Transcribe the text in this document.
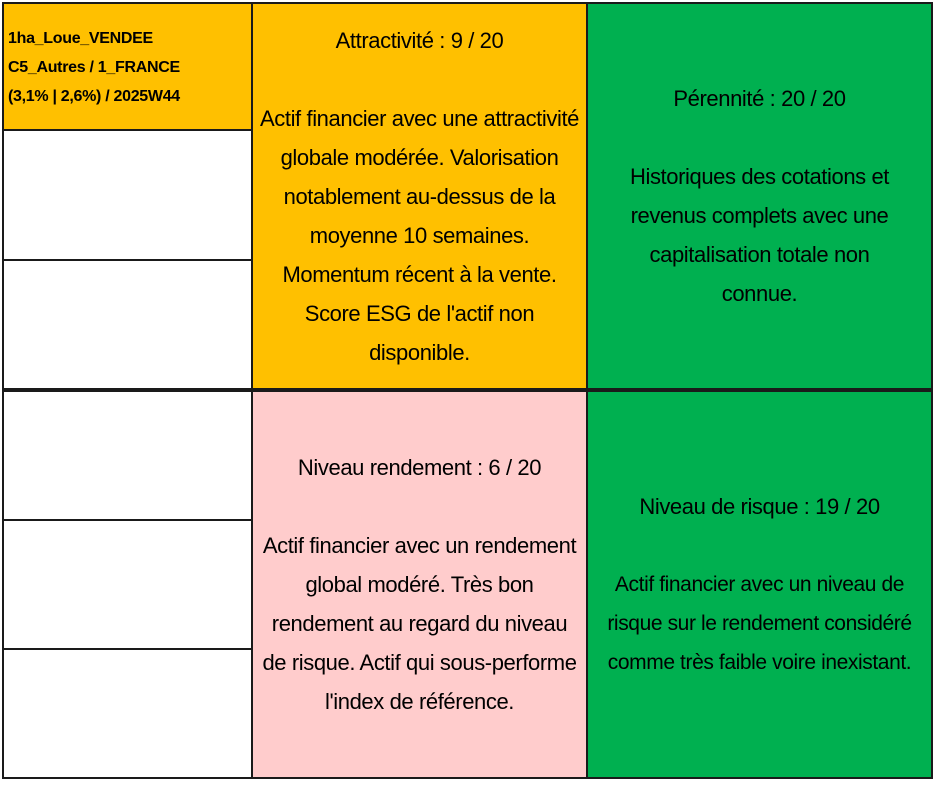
1ha_Loue_VENDEE
C5_Autres / 1_FRANCE
(3,1% | 2,6%) / 2025W44
Attractivité : 9 / 20
Actif financier avec une attractivité globale modérée. Valorisation notablement au-dessus de la moyenne 10 semaines. Momentum récent à la vente. Score ESG de l'actif non disponible.
Pérennité : 20 / 20
Historiques des cotations et revenus complets avec une capitalisation totale non connue.
Niveau rendement : 6 / 20
Actif financier avec un rendement global modéré. Très bon rendement au regard du niveau de risque. Actif qui sous-performe l'index de référence.
Niveau de risque : 19 / 20
Actif financier avec un niveau de risque sur le rendement considéré comme très faible voire inexistant.
